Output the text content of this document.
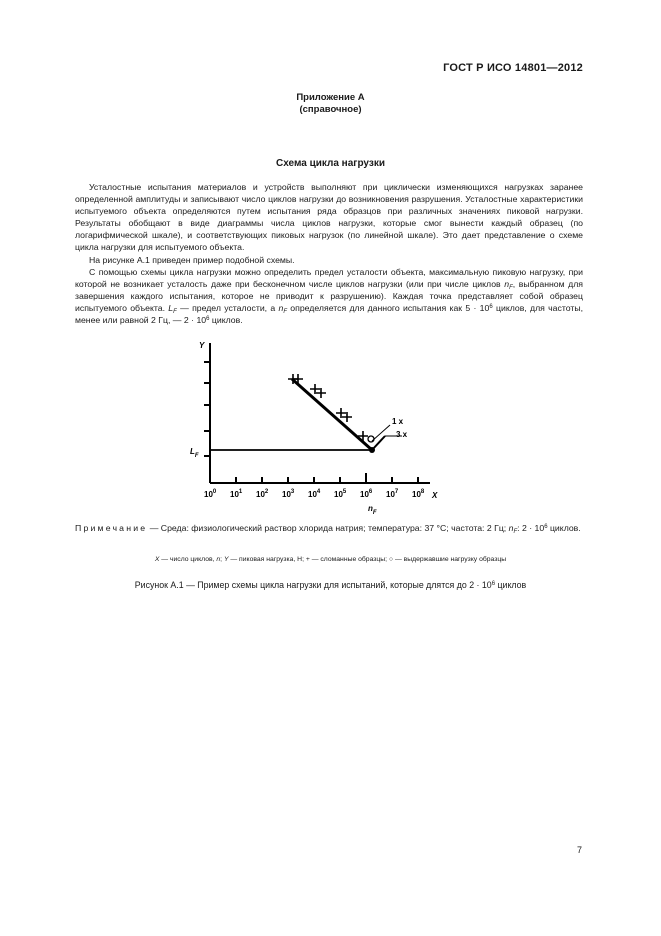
ГОСТ Р ИСО 14801—2012
Приложение А
(справочное)
Схема цикла нагрузки

Усталостные испытания материалов и устройств выполняют при циклически изменяющихся нагрузках заранее определенной амплитуды и записывают число циклов нагрузки до возникновения разрушения. Усталостные характеристики испытуемого объекта определяются путем испытания ряда образцов при различных значениях пиковой нагрузки. Результаты обобщают в виде диаграммы числа циклов нагрузки, которые смог вынести каждый образец (по логарифмической шкале), и соответствующих пиковых нагрузок (по линейной шкале). Это дает представление о схеме цикла нагрузки для испытуемого объекта.

На рисунке А.1 приведен пример подобной схемы.

С помощью схемы цикла нагрузки можно определить предел усталости объекта, максимальную пиковую нагрузку, при которой не возникает усталость даже при бесконечном числе циклов нагрузки (или при числе циклов $n_F$, выбранном для завершения каждого испытания, которое не приводит к разрушению). Каждая точка представляет собой образец испытуемого объекта. $L_F$ — предел усталости, а $n_F$ определяется для данного испытания как $5 \cdot 10^6$ циклов, для частоты, менее или равной 2 Гц, — $2 \cdot 10^6$ циклов.

Y
X
$L_F$
$n_F$
1 x
3 x
$10^0$ $10^1$ $10^2$ $10^3$ $10^4$ $10^5$ $10^6$ $10^7$ $10^8$
Примечание — Среда: физиологический раствор хлорида натрия; температура: 37 °С; частота: 2 Гц; $n_F$: $2 \cdot 10^6$ циклов.
X — число циклов, n; Y — пиковая нагрузка, Н; + — сломанные образцы; ○ — выдержавшие нагрузку образцы
Рисунок А.1 — Пример схемы цикла нагрузки для испытаний, которые длятся до $2 \cdot 10^6$ циклов
7
